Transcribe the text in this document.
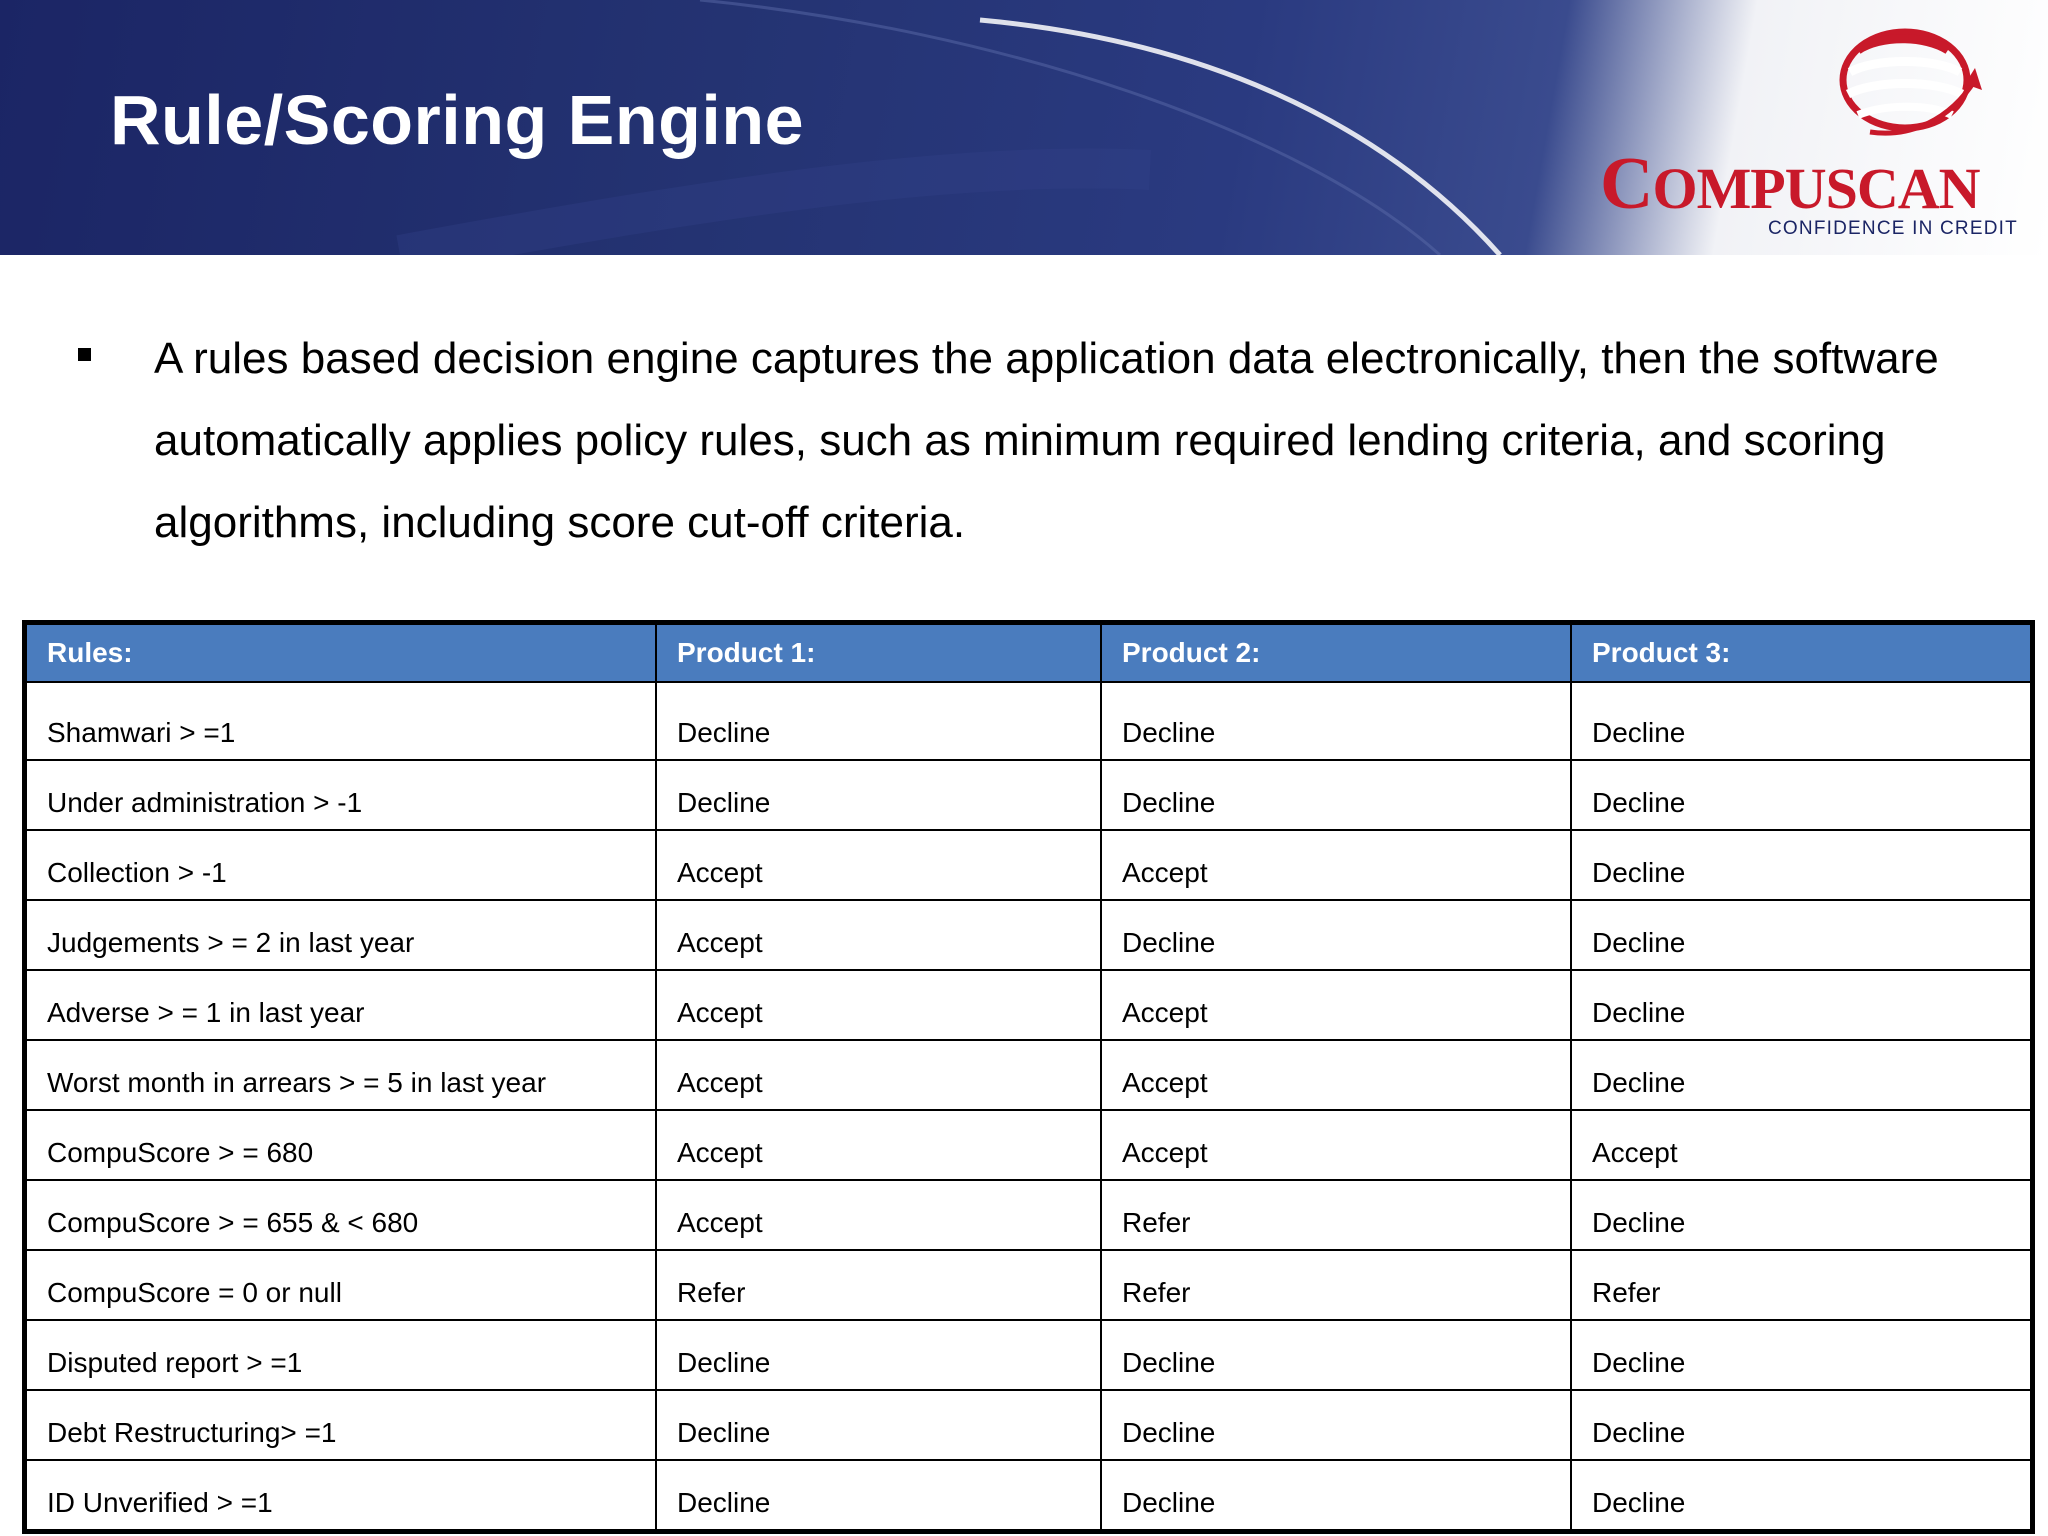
Rule/Scoring Engine
COMPUSCAN
CONFIDENCE IN CREDIT

A rules based decision engine captures the application data electronically, then the software automatically applies policy rules, such as minimum required lending criteria, and scoring algorithms, including score cut-off criteria.

Rules:	Product 1:	Product 2:	Product 3:
Shamwari > =1	Decline	Decline	Decline
Under administration > -1	Decline	Decline	Decline
Collection > -1	Accept	Accept	Decline
Judgements > = 2 in last year	Accept	Decline	Decline
Adverse > = 1 in last year	Accept	Accept	Decline
Worst month in arrears > = 5 in last year	Accept	Accept	Decline
CompuScore > = 680	Accept	Accept	Accept
CompuScore > = 655 & < 680	Accept	Refer	Decline
CompuScore = 0 or null	Refer	Refer	Refer
Disputed report > =1	Decline	Decline	Decline
Debt Restructuring> =1	Decline	Decline	Decline
ID Unverified > =1	Decline	Decline	Decline
